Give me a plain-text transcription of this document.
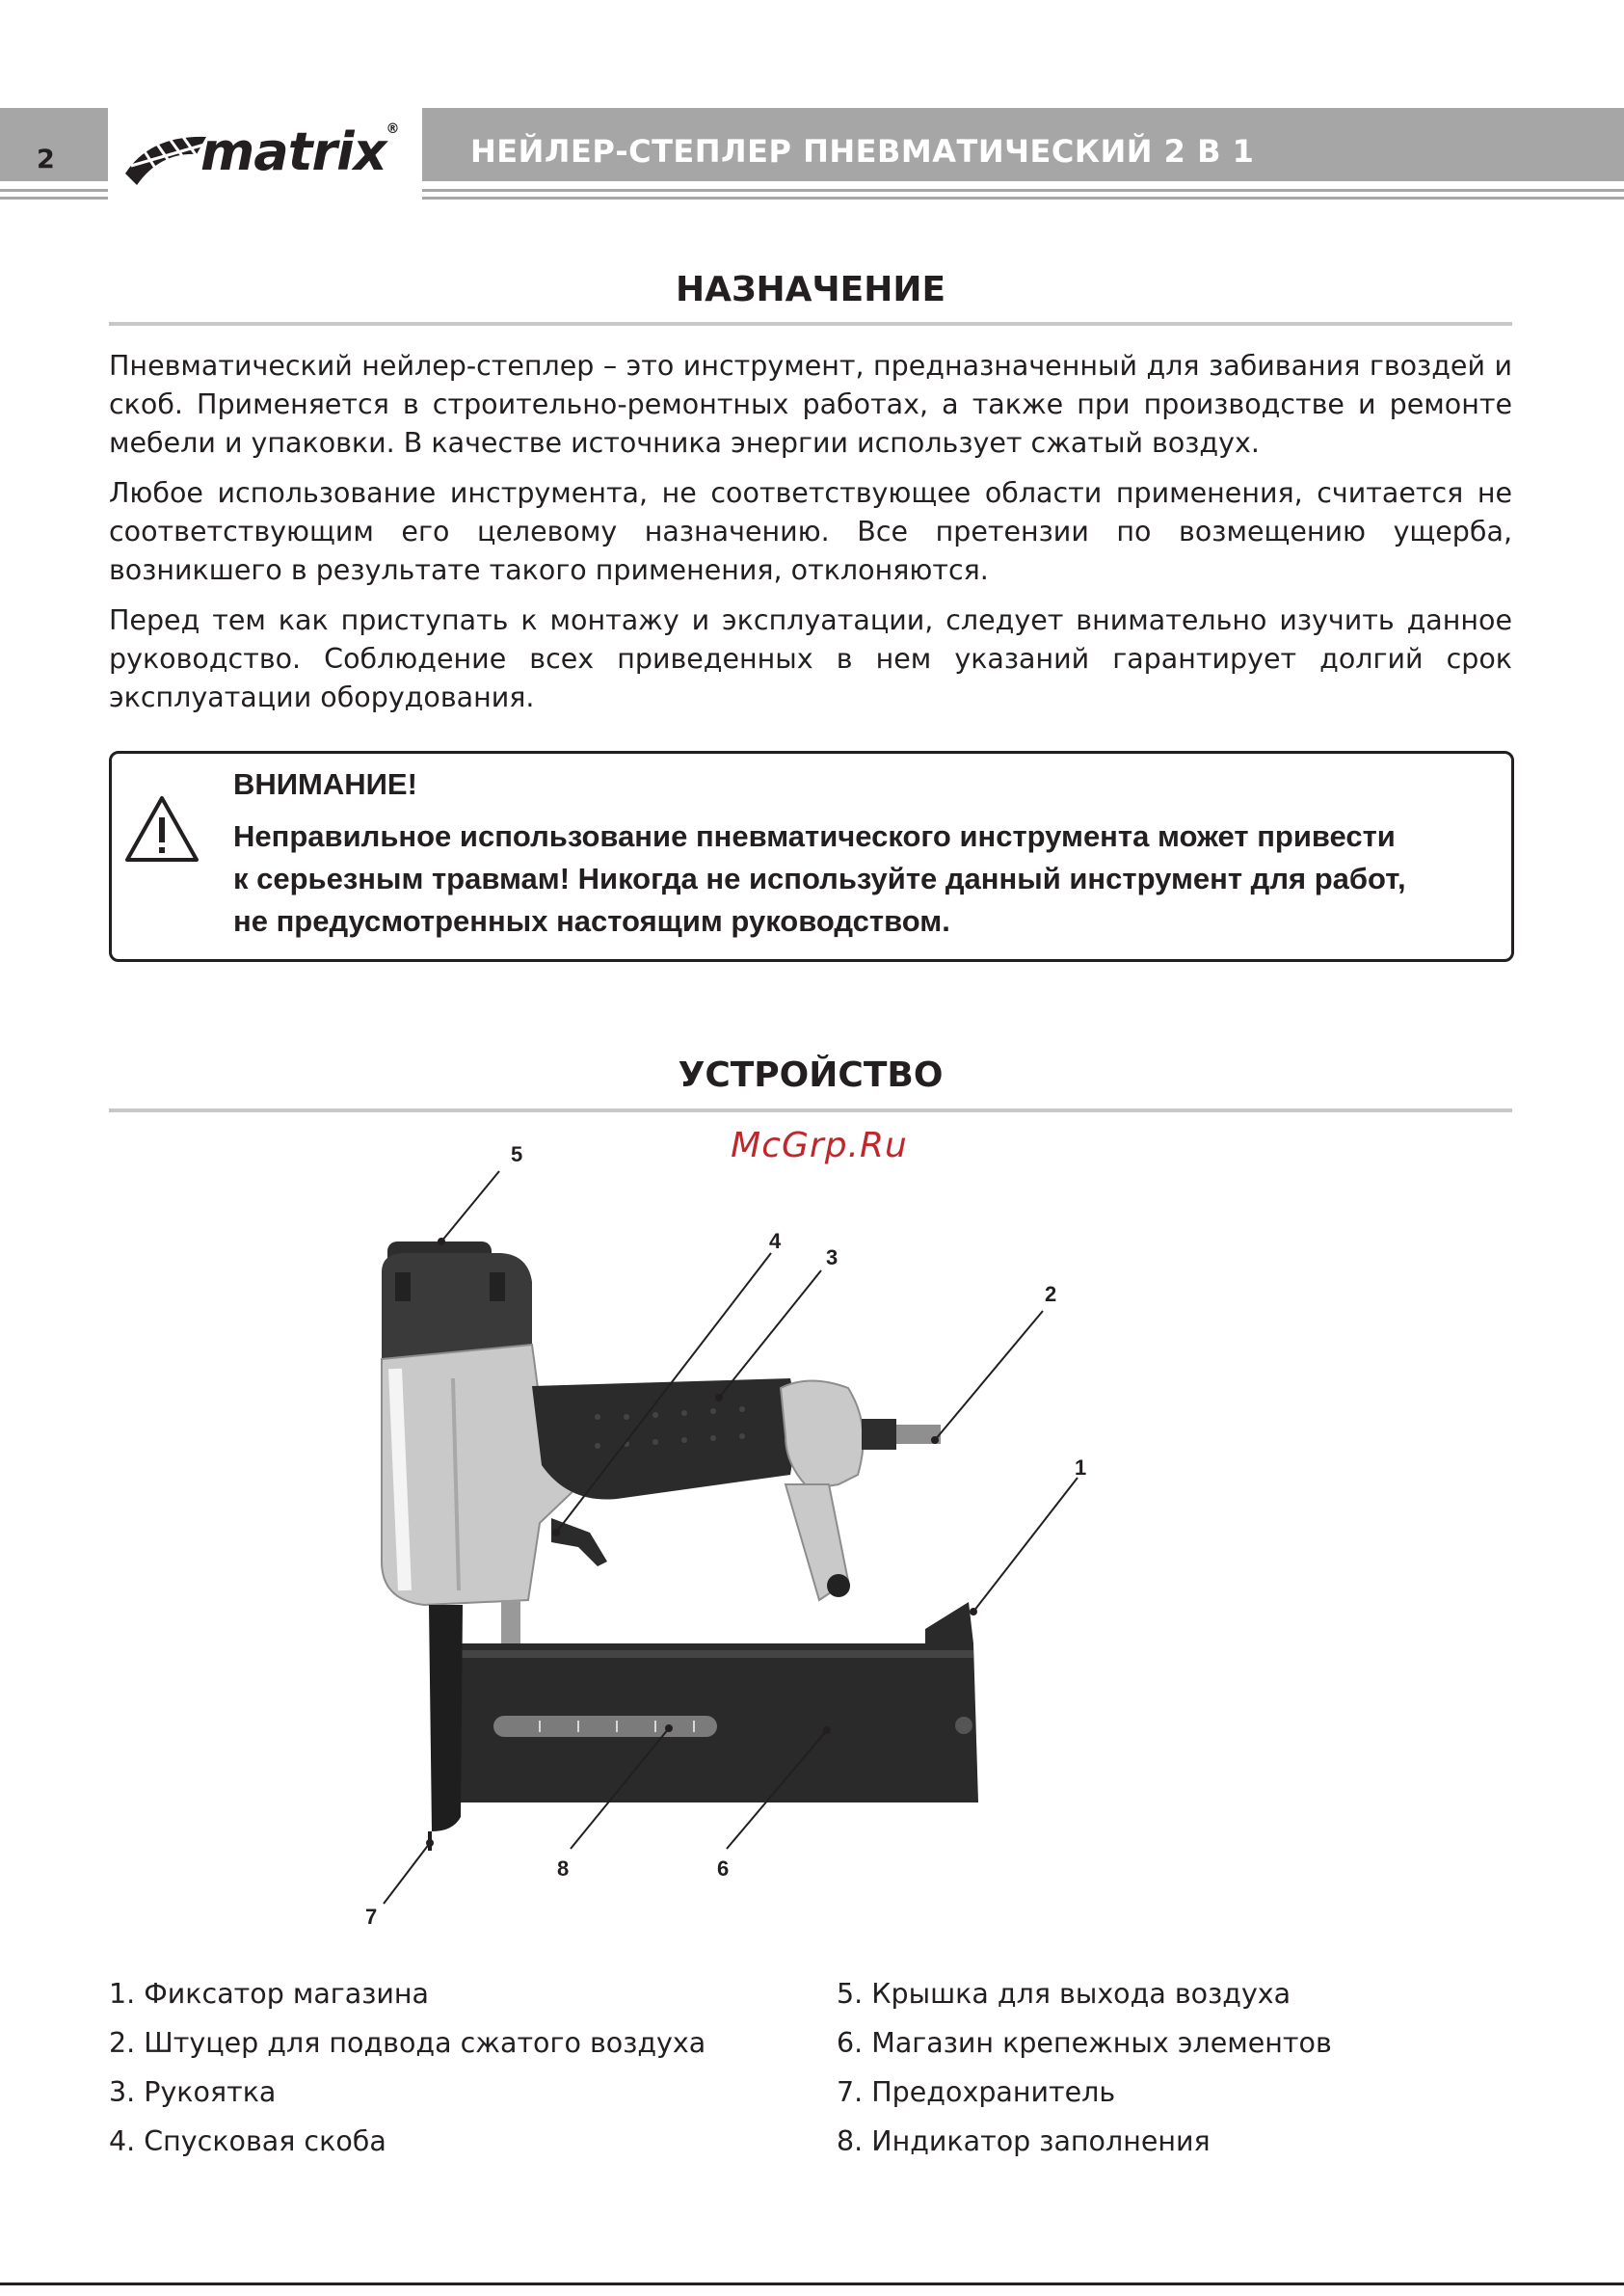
2	matrix®
НЕЙЛЕР-СТЕПЛЕР ПНЕВМАТИЧЕСКИЙ 2 В 1
НАЗНАЧЕНИЕ

Пневматический нейлер-степлер – это инструмент, предназначенный для забивания гвоздей и скоб. Применяется в строительно-ремонтных работах, а также при производстве и ремонте мебели и упаковки. В качестве источника энергии использует сжатый воздух.

Любое использование инструмента, не соответствующее области применения, считается не соответствующим его целевому назначению. Все претензии по возмещению ущерба, возникшего в результате такого применения, отклоняются.

Перед тем как приступать к монтажу и эксплуатации, следует внимательно изучить данное руководство. Соблюдение всех приведенных в нем указаний гарантирует долгий срок эксплуатации оборудования.

ВНИМАНИЕ!
Неправильное использование пневматического инструмента может привести
к серьезным травмам! Никогда не используйте данный инструмент для работ,
не предусмотренных настоящим руководством.
УСТРОЙСТВО
McGrp.Ru
1
2
3
4
5
6
7
8
1. Фиксатор магазина
2. Штуцер для подвода сжатого воздуха
3. Рукоятка
4. Спусковая скоба
5. Крышка для выхода воздуха
6. Магазин крепежных элементов
7. Предохранитель
8. Индикатор заполнения
